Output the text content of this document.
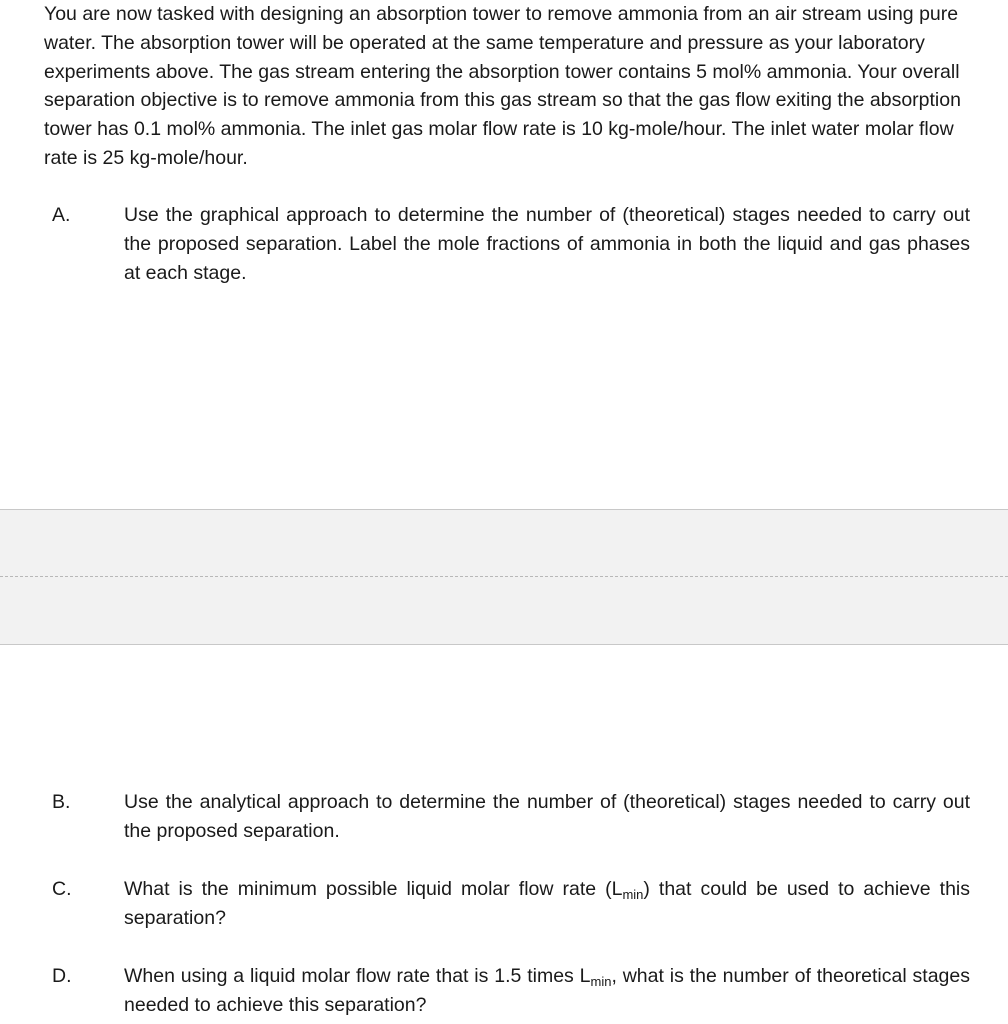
You are now tasked with designing an absorption tower to remove ammonia from an air stream using pure water. The absorption tower will be operated at the same temperature and pressure as your laboratory experiments above. The gas stream entering the absorption tower contains 5 mol% ammonia. Your overall separation objective is to remove ammonia from this gas stream so that the gas flow exiting the absorption tower has 0.1 mol% ammonia. The inlet gas molar flow rate is 10 kg-mole/hour. The inlet water molar flow rate is 25 kg-mole/hour.

A.	Use the graphical approach to determine the number of (theoretical) stages needed to carry out the proposed separation. Label the mole fractions of ammonia in both the liquid and gas phases at each stage.

B.	Use the analytical approach to determine the number of (theoretical) stages needed to carry out the proposed separation.

C.	What is the minimum possible liquid molar flow rate $(L_{min})$ that could be used to achieve this separation?

D.	When using a liquid molar flow rate that is 1.5 times $L_{min}$, what is the number of theoretical stages needed to achieve this separation?
